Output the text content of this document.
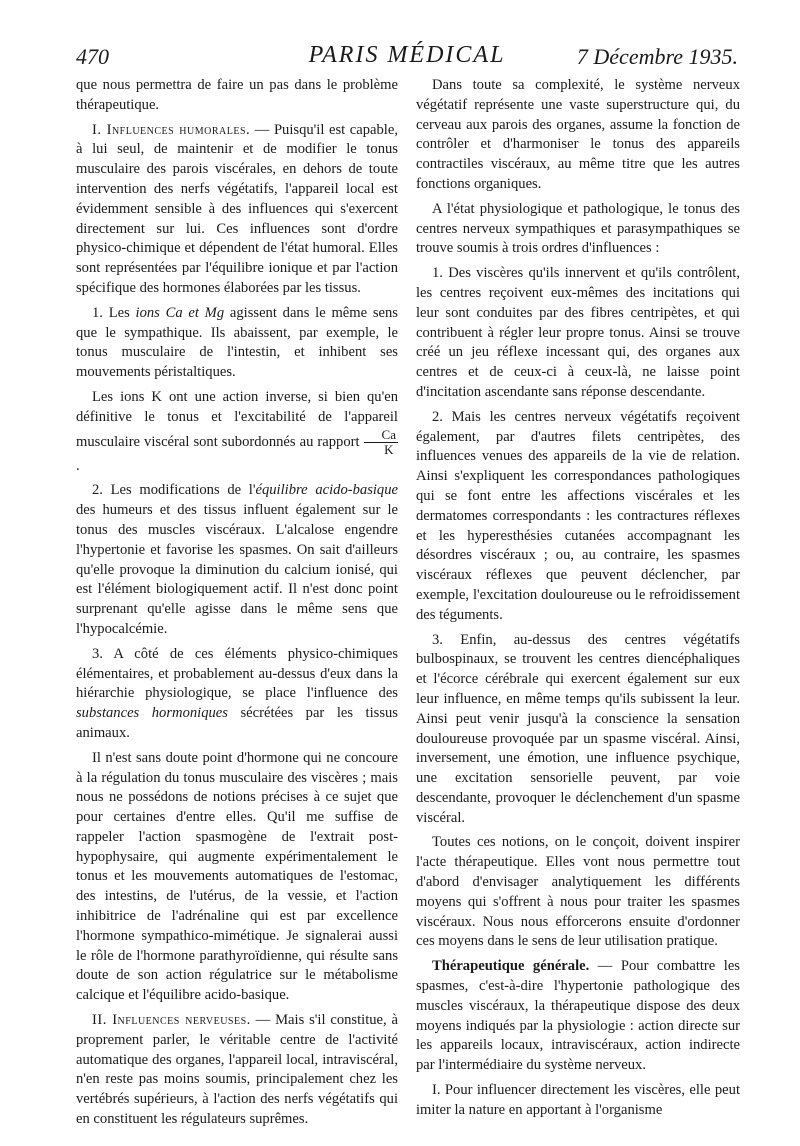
470	PARIS MÉDICAL	7 Décembre 1935.

que nous permettra de faire un pas dans le problème thérapeutique.

I. Influences humorales. — Puisqu'il est capable, à lui seul, de maintenir et de modifier le tonus musculaire des parois viscérales, en dehors de toute intervention des nerfs végétatifs, l'appareil local est évidemment sensible à des influences qui s'exercent directement sur lui. Ces influences sont d'ordre physico-chimique et dépendent de l'état humoral. Elles sont représentées par l'équilibre ionique et par l'action spécifique des hormones élaborées par les tissus.

1. Les ions Ca et Mg agissent dans le même sens que le sympathique. Ils abaissent, par exemple, le tonus musculaire de l'intestin, et inhibent ses mouvements péristaltiques.

Les ions K ont une action inverse, si bien qu'en définitive le tonus et l'excitabilité de l'appareil musculaire viscéral sont subordonnés au rapport $\frac{Ca}{K}$
.

2. Les modifications de l'équilibre acido-basique des humeurs et des tissus influent également sur le tonus des muscles viscéraux. L'alcalose engendre l'hypertonie et favorise les spasmes. On sait d'ailleurs qu'elle provoque la diminution du calcium ionisé, qui est l'élément biologiquement actif. Il n'est donc point surprenant qu'elle agisse dans le même sens que l'hypocalcémie.

3. A côté de ces éléments physico-chimiques élémentaires, et probablement au-dessus d'eux dans la hiérarchie physiologique, se place l'influence des substances hormoniques sécrétées par les tissus animaux.

Il n'est sans doute point d'hormone qui ne concoure à la régulation du tonus musculaire des viscères ; mais nous ne possédons de notions précises à ce sujet que pour certaines d'entre elles. Qu'il me suffise de rappeler l'action spasmogène de l'extrait post-hypophysaire, qui augmente expérimentalement le tonus et les mouvements automatiques de l'estomac, des intestins, de l'utérus, de la vessie, et l'action inhibitrice de l'adrénaline qui est par excellence l'hormone sympathico-mimétique. Je signalerai aussi le rôle de l'hormone parathyroïdienne, qui résulte sans doute de son action régulatrice sur le métabolisme calcique et l'équilibre acido-basique.

II. Influences nerveuses. — Mais s'il constitue, à proprement parler, le véritable centre de l'activité automatique des organes, l'appareil local, intraviscéral, n'en reste pas moins soumis, principalement chez les vertébrés supérieurs, à l'action des nerfs végétatifs qui en constituent les régulateurs suprêmes.

Dans toute sa complexité, le système nerveux végétatif représente une vaste superstructure qui, du cerveau aux parois des organes, assume la fonction de contrôler et d'harmoniser le tonus des appareils contractiles viscéraux, au même titre que les autres fonctions organiques.

A l'état physiologique et pathologique, le tonus des centres nerveux sympathiques et parasympathiques se trouve soumis à trois ordres d'influences :

1. Des viscères qu'ils innervent et qu'ils contrôlent, les centres reçoivent eux-mêmes des incitations qui leur sont conduites par des fibres centripètes, et qui contribuent à régler leur propre tonus. Ainsi se trouve créé un jeu réflexe incessant qui, des organes aux centres et de ceux-ci à ceux-là, ne laisse point d'incitation ascendante sans réponse descendante.

2. Mais les centres nerveux végétatifs reçoivent également, par d'autres filets centripètes, des influences venues des appareils de la vie de relation. Ainsi s'expliquent les correspondances pathologiques qui se font entre les affections viscérales et les dermatomes correspondants : les contractures réflexes et les hyperesthésies cutanées accompagnant les désordres viscéraux ; ou, au contraire, les spasmes viscéraux réflexes que peuvent déclencher, par exemple, l'excitation douloureuse ou le refroidissement des téguments.

3. Enfin, au-dessus des centres végétatifs bulbospinaux, se trouvent les centres diencéphaliques et l'écorce cérébrale qui exercent également sur eux leur influence, en même temps qu'ils subissent la leur. Ainsi peut venir jusqu'à la conscience la sensation douloureuse provoquée par un spasme viscéral. Ainsi, inversement, une émotion, une influence psychique, une excitation sensorielle peuvent, par voie descendante, provoquer le déclenchement d'un spasme viscéral.

Toutes ces notions, on le conçoit, doivent inspirer l'acte thérapeutique. Elles vont nous permettre tout d'abord d'envisager analytiquement les différents moyens qui s'offrent à nous pour traiter les spasmes viscéraux. Nous nous efforcerons ensuite d'ordonner ces moyens dans le sens de leur utilisation pratique.

Thérapeutique générale. — Pour combattre les spasmes, c'est-à-dire l'hypertonie pathologique des muscles viscéraux, la thérapeutique dispose des deux moyens indiqués par la physiologie : action directe sur les appareils locaux, intraviscéraux, action indirecte par l'intermédiaire du système nerveux.

I. Pour influencer directement les viscères, elle peut imiter la nature en apportant à l'organisme
